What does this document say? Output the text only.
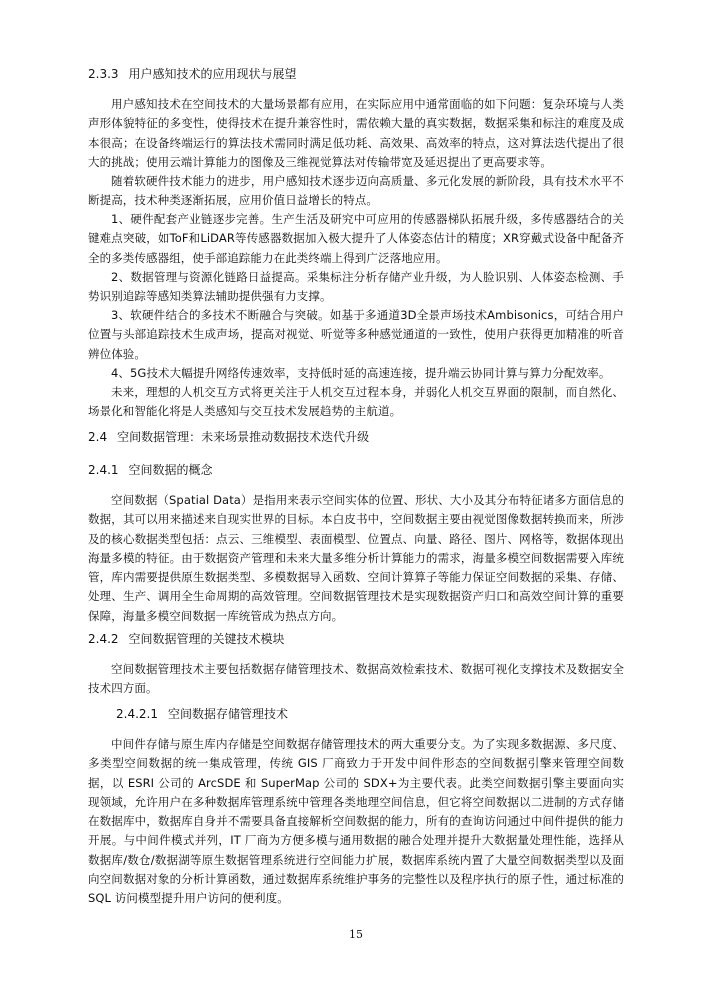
2.3.3 用户感知技术的应用现状与展望

用户感知技术在空间技术的大量场景都有应用，在实际应用中通常面临的如下问题：复杂环境与人类声形体貌特征的多变性，使得技术在提升兼容性时，需依赖大量的真实数据，数据采集和标注的难度及成本很高；在设备终端运行的算法技术需同时满足低功耗、高效果、高效率的特点，这对算法迭代提出了很大的挑战；使用云端计算能力的图像及三维视觉算法对传输带宽及延迟提出了更高要求等。

随着软硬件技术能力的进步，用户感知技术逐步迈向高质量、多元化发展的新阶段，具有技术水平不断提高，技术种类逐渐拓展，应用价值日益增长的特点。

1、硬件配套产业链逐步完善。生产生活及研究中可应用的传感器梯队拓展升级，多传感器结合的关键难点突破，如ToF和LiDAR等传感器数据加入极大提升了人体姿态估计的精度；XR穿戴式设备中配备齐全的多类传感器组，使手部追踪能力在此类终端上得到广泛落地应用。

2、数据管理与资源化链路日益提高。采集标注分析存储产业升级，为人脸识别、人体姿态检测、手势识别追踪等感知类算法辅助提供强有力支撑。

3、软硬件结合的多技术不断融合与突破。如基于多通道3D全景声场技术Ambisonics，可结合用户位置与头部追踪技术生成声场，提高对视觉、听觉等多种感觉通道的一致性，使用户获得更加精准的听音辨位体验。

4、5G技术大幅提升网络传速效率，支持低时延的高速连接，提升端云协同计算与算力分配效率。

未来，理想的人机交互方式将更关注于人机交互过程本身，并弱化人机交互界面的限制，而自然化、场景化和智能化将是人类感知与交互技术发展趋势的主航道。

2.4 空间数据管理：未来场景推动数据技术迭代升级
2.4.1 空间数据的概念

空间数据（Spatial Data）是指用来表示空间实体的位置、形状、大小及其分布特征诸多方面信息的数据，其可以用来描述来自现实世界的目标。本白皮书中，空间数据主要由视觉图像数据转换而来，所涉及的核心数据类型包括：点云、三维模型、表面模型、位置点、向量、路径、图片、网格等，数据体现出海量多模的特征。由于数据资产管理和未来大量多维分析计算能力的需求，海量多模空间数据需要入库统管，库内需要提供原生数据类型、多模数据导入函数、空间计算算子等能力保证空间数据的采集、存储、处理、生产、调用全生命周期的高效管理。空间数据管理技术是实现数据资产归口和高效空间计算的重要保障，海量多模空间数据一库统管成为热点方向。

2.4.2 空间数据管理的关键技术模块

空间数据管理技术主要包括数据存储管理技术、数据高效检索技术、数据可视化支撑技术及数据安全技术四方面。

2.4.2.1 空间数据存储管理技术

中间件存储与原生库内存储是空间数据存储管理技术的两大重要分支。为了实现多数据源、多尺度、多类型空间数据的统一集成管理，传统 GIS 厂商致力于开发中间件形态的空间数据引擎来管理空间数据，以 ESRI 公司的 ArcSDE 和 SuperMap 公司的 SDX+为主要代表。此类空间数据引擎主要面向实现领域，允许用户在多种数据库管理系统中管理各类地理空间信息，但它将空间数据以二进制的方式存储在数据库中，数据库自身并不需要具备直接解析空间数据的能力，所有的查询访问通过中间件提供的能力开展。与中间件模式并列，IT 厂商为方便多模与通用数据的融合处理并提升大数据量处理性能，选择从数据库/数仓/数据湖等原生数据管理系统进行空间能力扩展，数据库系统内置了大量空间数据类型以及面向空间数据对象的分析计算函数，通过数据库系统维护事务的完整性以及程序执行的原子性，通过标准的 SQL 访问模型提升用户访问的便利度。

15
